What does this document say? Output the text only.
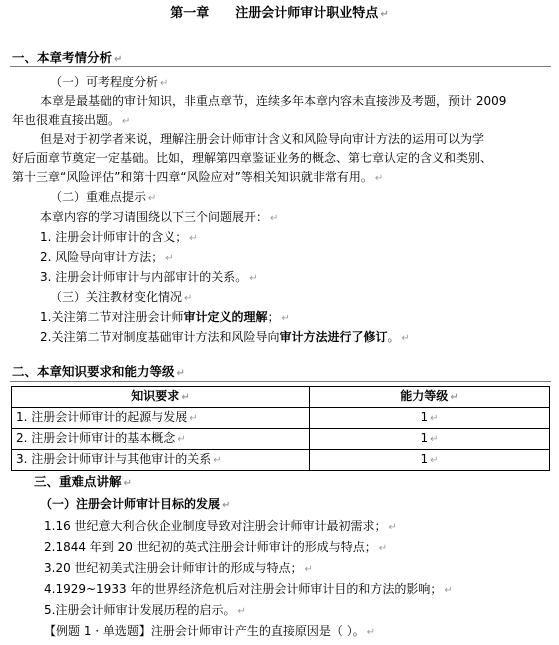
第一章 注册会计师审计职业特点 ↵
一、本章考情分析 ↵
（一）可考程度分析 ↵
本章是最基础的审计知识，非重点章节，连续多年本章内容未直接涉及考题，预计 2009
年也很难直接出题。 ↵
但是对于初学者来说，理解注册会计师审计含义和风险导向审计方法的运用可以为学
好后面章节奠定一定基础。比如，理解第四章鉴证业务的概念、第七章认定的含义和类别、
第十三章“风险评估”和第十四章“风险应对”等相关知识就非常有用。 ↵
（二）重难点提示 ↵
本章内容的学习请围绕以下三个问题展开： ↵
1. 注册会计师审计的含义； ↵
2. 风险导向审计方法； ↵
3. 注册会计师审计与内部审计的关系。 ↵
（三）关注教材变化情况 ↵
1.关注第二节对注册会计师审计定义的理解； ↵
2.关注第二节对制度基础审计方法和风险导向审计方法进行了修订。 ↵
二、本章知识要求和能力等级 ↵
知识要求 ↵	能力等级 ↵
1. 注册会计师审计的起源与发展 ↵	1 ↵
2. 注册会计师审计的基本概念 ↵	1 ↵
3. 注册会计师审计与其他审计的关系 ↵	1 ↵
三、重难点讲解 ↵
（一）注册会计师审计目标的发展 ↵
1.16 世纪意大利合伙企业制度导致对注册会计师审计最初需求； ↵
2.1844 年到 20 世纪初的英式注册会计师审计的形成与特点； ↵
3.20 世纪初美式注册会计师审计的形成与特点； ↵
4.1929~1933 年的世界经济危机后对注册会计师审计目的和方法的影响； ↵
5.注册会计师审计发展历程的启示。 ↵
【例题 1 · 单选题】注册会计师审计产生的直接原因是（ ）。 ↵
